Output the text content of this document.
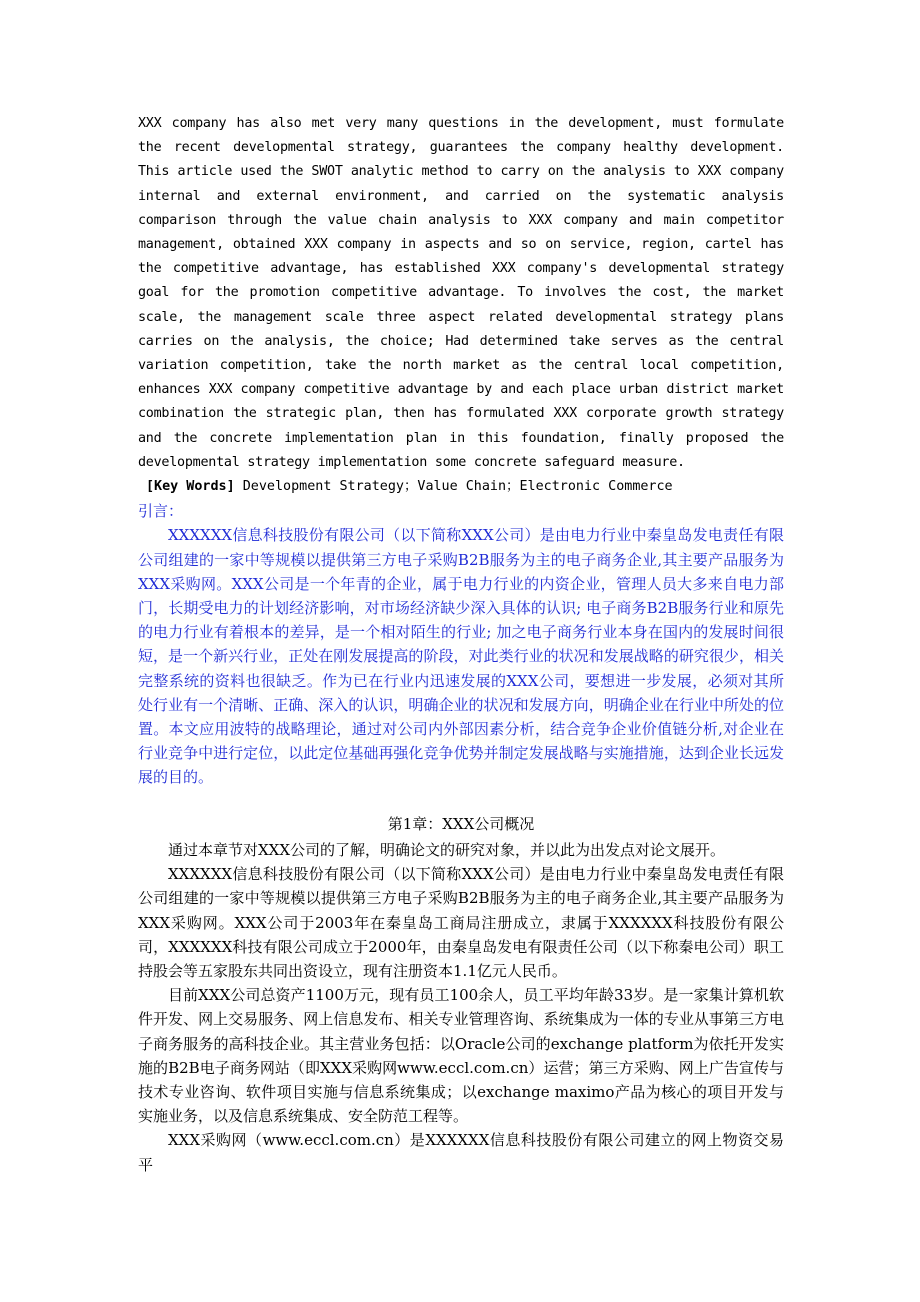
XXX company has also met very many questions in the development, must formulate the recent developmental strategy, guarantees the company healthy development. This article used the SWOT analytic method to carry on the analysis to XXX company internal and external environment, and carried on the systematic analysis comparison through the value chain analysis to XXX company and main competitor management, obtained XXX company in aspects and so on service, region, cartel has the competitive advantage, has established XXX company's developmental strategy goal for the promotion competitive advantage. To involves the cost, the market scale, the management scale three aspect related developmental strategy plans carries on the analysis, the choice; Had determined take serves as the central variation competition, take the north market as the central local competition, enhances XXX company competitive advantage by and each place urban district market combination the strategic plan, then has formulated XXX corporate growth strategy and the concrete implementation plan in this foundation, finally proposed the developmental strategy implementation some concrete safeguard measure.

[Key Words] Development Strategy；Value Chain；Electronic Commerce

引言：

XXXXXX信息科技股份有限公司（以下简称XXX公司）是由电力行业中秦皇岛发电责任有限公司组建的一家中等规模以提供第三方电子采购B2B服务为主的电子商务企业,其主要产品服务为XXX采购网。XXX公司是一个年青的企业，属于电力行业的内资企业，管理人员大多来自电力部门，长期受电力的计划经济影响，对市场经济缺少深入具体的认识; 电子商务B2B服务行业和原先的电力行业有着根本的差异，是一个相对陌生的行业; 加之电子商务行业本身在国内的发展时间很短，是一个新兴行业，正处在刚发展提高的阶段，对此类行业的状况和发展战略的研究很少，相关完整系统的资料也很缺乏。作为已在行业内迅速发展的XXX公司，要想进一步发展，必须对其所处行业有一个清晰、正确、深入的认识，明确企业的状况和发展方向，明确企业在行业中所处的位置。本文应用波特的战略理论，通过对公司内外部因素分析，结合竞争企业价值链分析,对企业在行业竞争中进行定位，以此定位基础再强化竞争优势并制定发展战略与实施措施，达到企业长远发展的目的。

第1章：XXX公司概况

通过本章节对XXX公司的了解，明确论文的研究对象，并以此为出发点对论文展开。

XXXXXX信息科技股份有限公司（以下简称XXX公司）是由电力行业中秦皇岛发电责任有限公司组建的一家中等规模以提供第三方电子采购B2B服务为主的电子商务企业,其主要产品服务为XXX采购网。XXX公司于2003年在秦皇岛工商局注册成立，隶属于XXXXXX科技股份有限公司，XXXXXX科技有限公司成立于2000年，由秦皇岛发电有限责任公司（以下称秦电公司）职工持股会等五家股东共同出资设立，现有注册资本1.1亿元人民币。

目前XXX公司总资产1100万元，现有员工100余人，员工平均年龄33岁。是一家集计算机软件开发、网上交易服务、网上信息发布、相关专业管理咨询、系统集成为一体的专业从事第三方电子商务服务的高科技企业。其主营业务包括：以Oracle公司的exchange platform为依托开发实施的B2B电子商务网站（即XXX采购网www.eccl.com.cn）运营；第三方采购、网上广告宣传与技术专业咨询、软件项目实施与信息系统集成；以exchange maximo产品为核心的项目开发与实施业务，以及信息系统集成、安全防范工程等。

XXX采购网（www.eccl.com.cn）是XXXXXX信息科技股份有限公司建立的网上物资交易平
